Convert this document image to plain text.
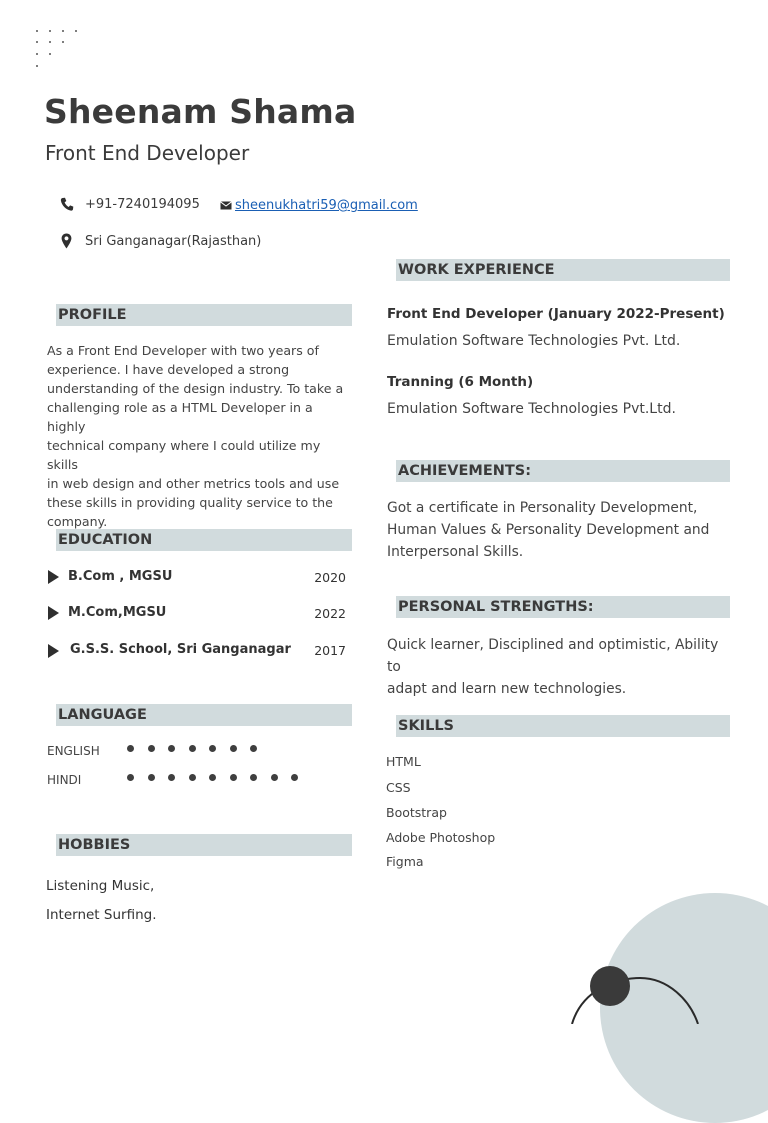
Sheenam Shama
Front End Developer
+91-7240194095	sheenukhatri59@gmail.com
Sri Ganganagar(Rajasthan)
PROFILE
As a Front End Developer with two years of
experience. I have developed a strong
understanding of the design industry. To take a
challenging role as a HTML Developer in a highly
technical company where I could utilize my skills
in web design and other metrics tools and use
these skills in providing quality service to the
company.
EDUCATION
B.Com , MGSU	2020
M.Com,MGSU	2022
G.S.S. School, Sri Ganganagar 2017
LANGUAGE
ENGLISH
HINDI
HOBBIES
Listening Music,
Internet Surfing.
WORK EXPERIENCE
Front End Developer (January 2022-Present)
Emulation Software Technologies Pvt. Ltd.
Tranning (6 Month)
Emulation Software Technologies Pvt.Ltd.
ACHIEVEMENTS:
Got a certificate in Personality Development,
Human Values & Personality Development and
Interpersonal Skills.
PERSONAL STRENGTHS:
Quick learner, Disciplined and optimistic, Ability to
adapt and learn new technologies.
SKILLS
HTML
CSS
Bootstrap
Adobe Photoshop
Figma
